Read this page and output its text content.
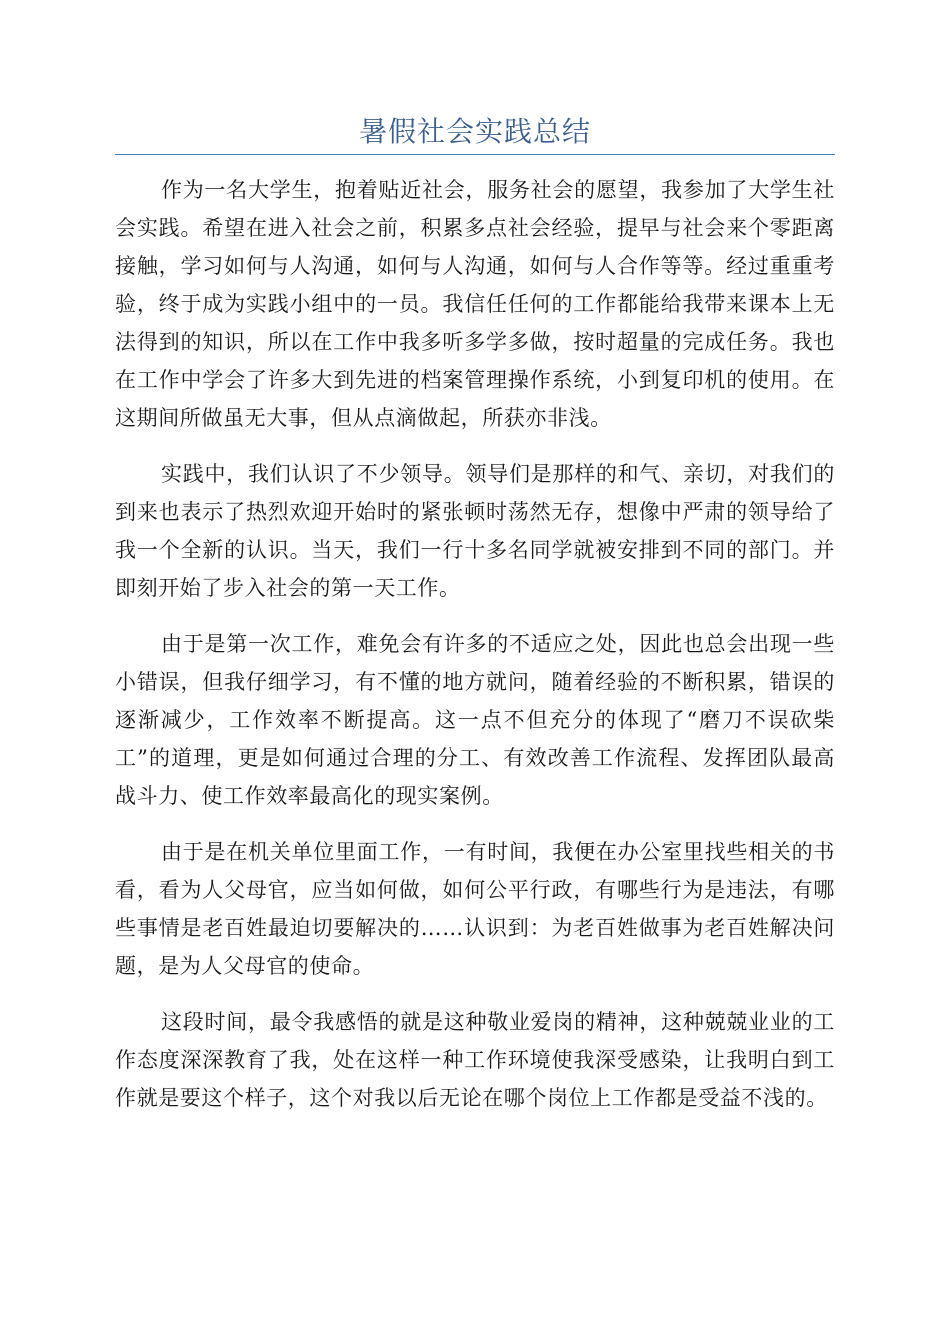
暑假社会实践总结

作为一名大学生，抱着贴近社会，服务社会的愿望，我参加了大学生社会实践。希望在进入社会之前，积累多点社会经验，提早与社会来个零距离接触，学习如何与人沟通，如何与人沟通，如何与人合作等等。经过重重考验，终于成为实践小组中的一员。我信任任何的工作都能给我带来课本上无法得到的知识，所以在工作中我多听多学多做，按时超量的完成任务。我也在工作中学会了许多大到先进的档案管理操作系统，小到复印机的使用。在这期间所做虽无大事，但从点滴做起，所获亦非浅。

实践中，我们认识了不少领导。领导们是那样的和气、亲切，对我们的到来也表示了热烈欢迎开始时的紧张顿时荡然无存，想像中严肃的领导给了我一个全新的认识。当天，我们一行十多名同学就被安排到不同的部门。并即刻开始了步入社会的第一天工作。

由于是第一次工作，难免会有许多的不适应之处，因此也总会出现一些小错误，但我仔细学习，有不懂的地方就问，随着经验的不断积累，错误的逐渐减少，工作效率不断提高。这一点不但充分的体现了“磨刀不误砍柴工”的道理，更是如何通过合理的分工、有效改善工作流程、发挥团队最高战斗力、使工作效率最高化的现实案例。

由于是在机关单位里面工作，一有时间，我便在办公室里找些相关的书看，看为人父母官，应当如何做，如何公平行政，有哪些行为是违法，有哪些事情是老百姓最迫切要解决的……认识到：为老百姓做事为老百姓解决问题，是为人父母官的使命。

这段时间，最令我感悟的就是这种敬业爱岗的精神，这种兢兢业业的工作态度深深教育了我，处在这样一种工作环境使我深受感染，让我明白到工作就是要这个样子，这个对我以后无论在哪个岗位上工作都是受益不浅的。
